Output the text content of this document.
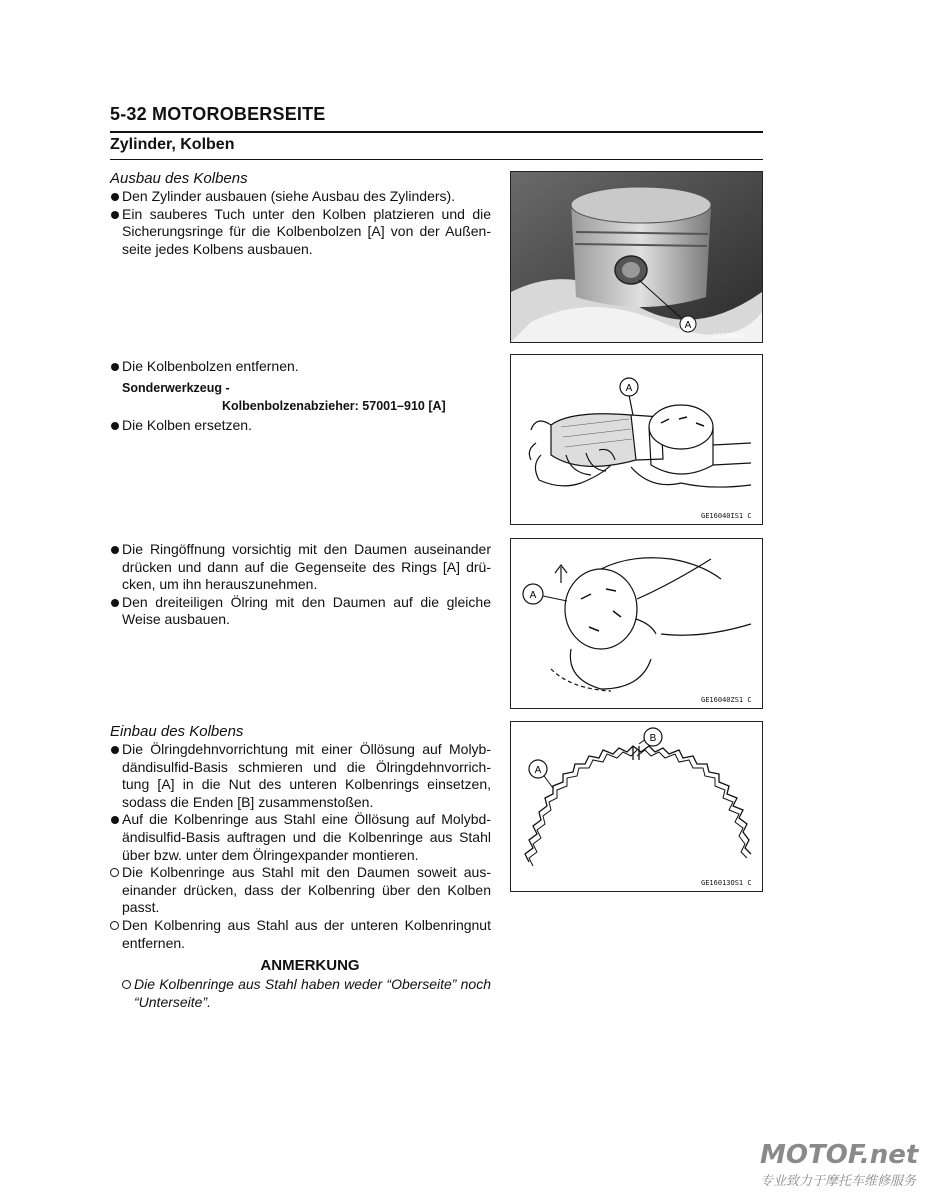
5-32 MOTOROBERSEITE
Zylinder, Kolben
Ausbau des Kolbens
Den Zylinder ausbauen (siehe Ausbau des Zylinders).
Ein sauberes Tuch unter den Kolben platzieren und die Sicherungsringe für die Kolbenbolzen [A] von der Außen-seite jedes Kolbens ausbauen.
A
GE16B05E
Die Kolbenbolzen entfernen.
Sonderwerkzeug -
Kolbenbolzenabzieher: 57001–910 [A]
Die Kolben ersetzen.
A
GE16040IS1 C
Die Ringöffnung vorsichtig mit den Daumen auseinander drücken und dann auf die Gegenseite des Rings [A] drü-cken, um ihn herauszunehmen.
Den dreiteiligen Ölring mit den Daumen auf die gleiche Weise ausbauen.
A
GE16040ZS1 C
Einbau des Kolbens
Die Ölringdehnvorrichtung mit einer Öllösung auf Molyb-dändisulfid-Basis schmieren und die Ölringdehnvorrich-tung [A] in die Nut des unteren Kolbenrings einsetzen, sodass die Enden [B] zusammenstoßen.
Auf die Kolbenringe aus Stahl eine Öllösung auf Molybd-ändisulfid-Basis auftragen und die Kolbenringe aus Stahl über bzw. unter dem Ölringexpander montieren.
Die Kolbenringe aus Stahl mit den Daumen soweit aus-einander drücken, dass der Kolbenring über den Kolben passt.
Den Kolbenring aus Stahl aus der unteren Kolbenringnut entfernen.
ANMERKUNG
Die Kolbenringe aus Stahl haben weder “Oberseite” noch “Unterseite”.
B
A
GE16013OS1 C
MOTOF.net
专业致力于摩托车维修服务
